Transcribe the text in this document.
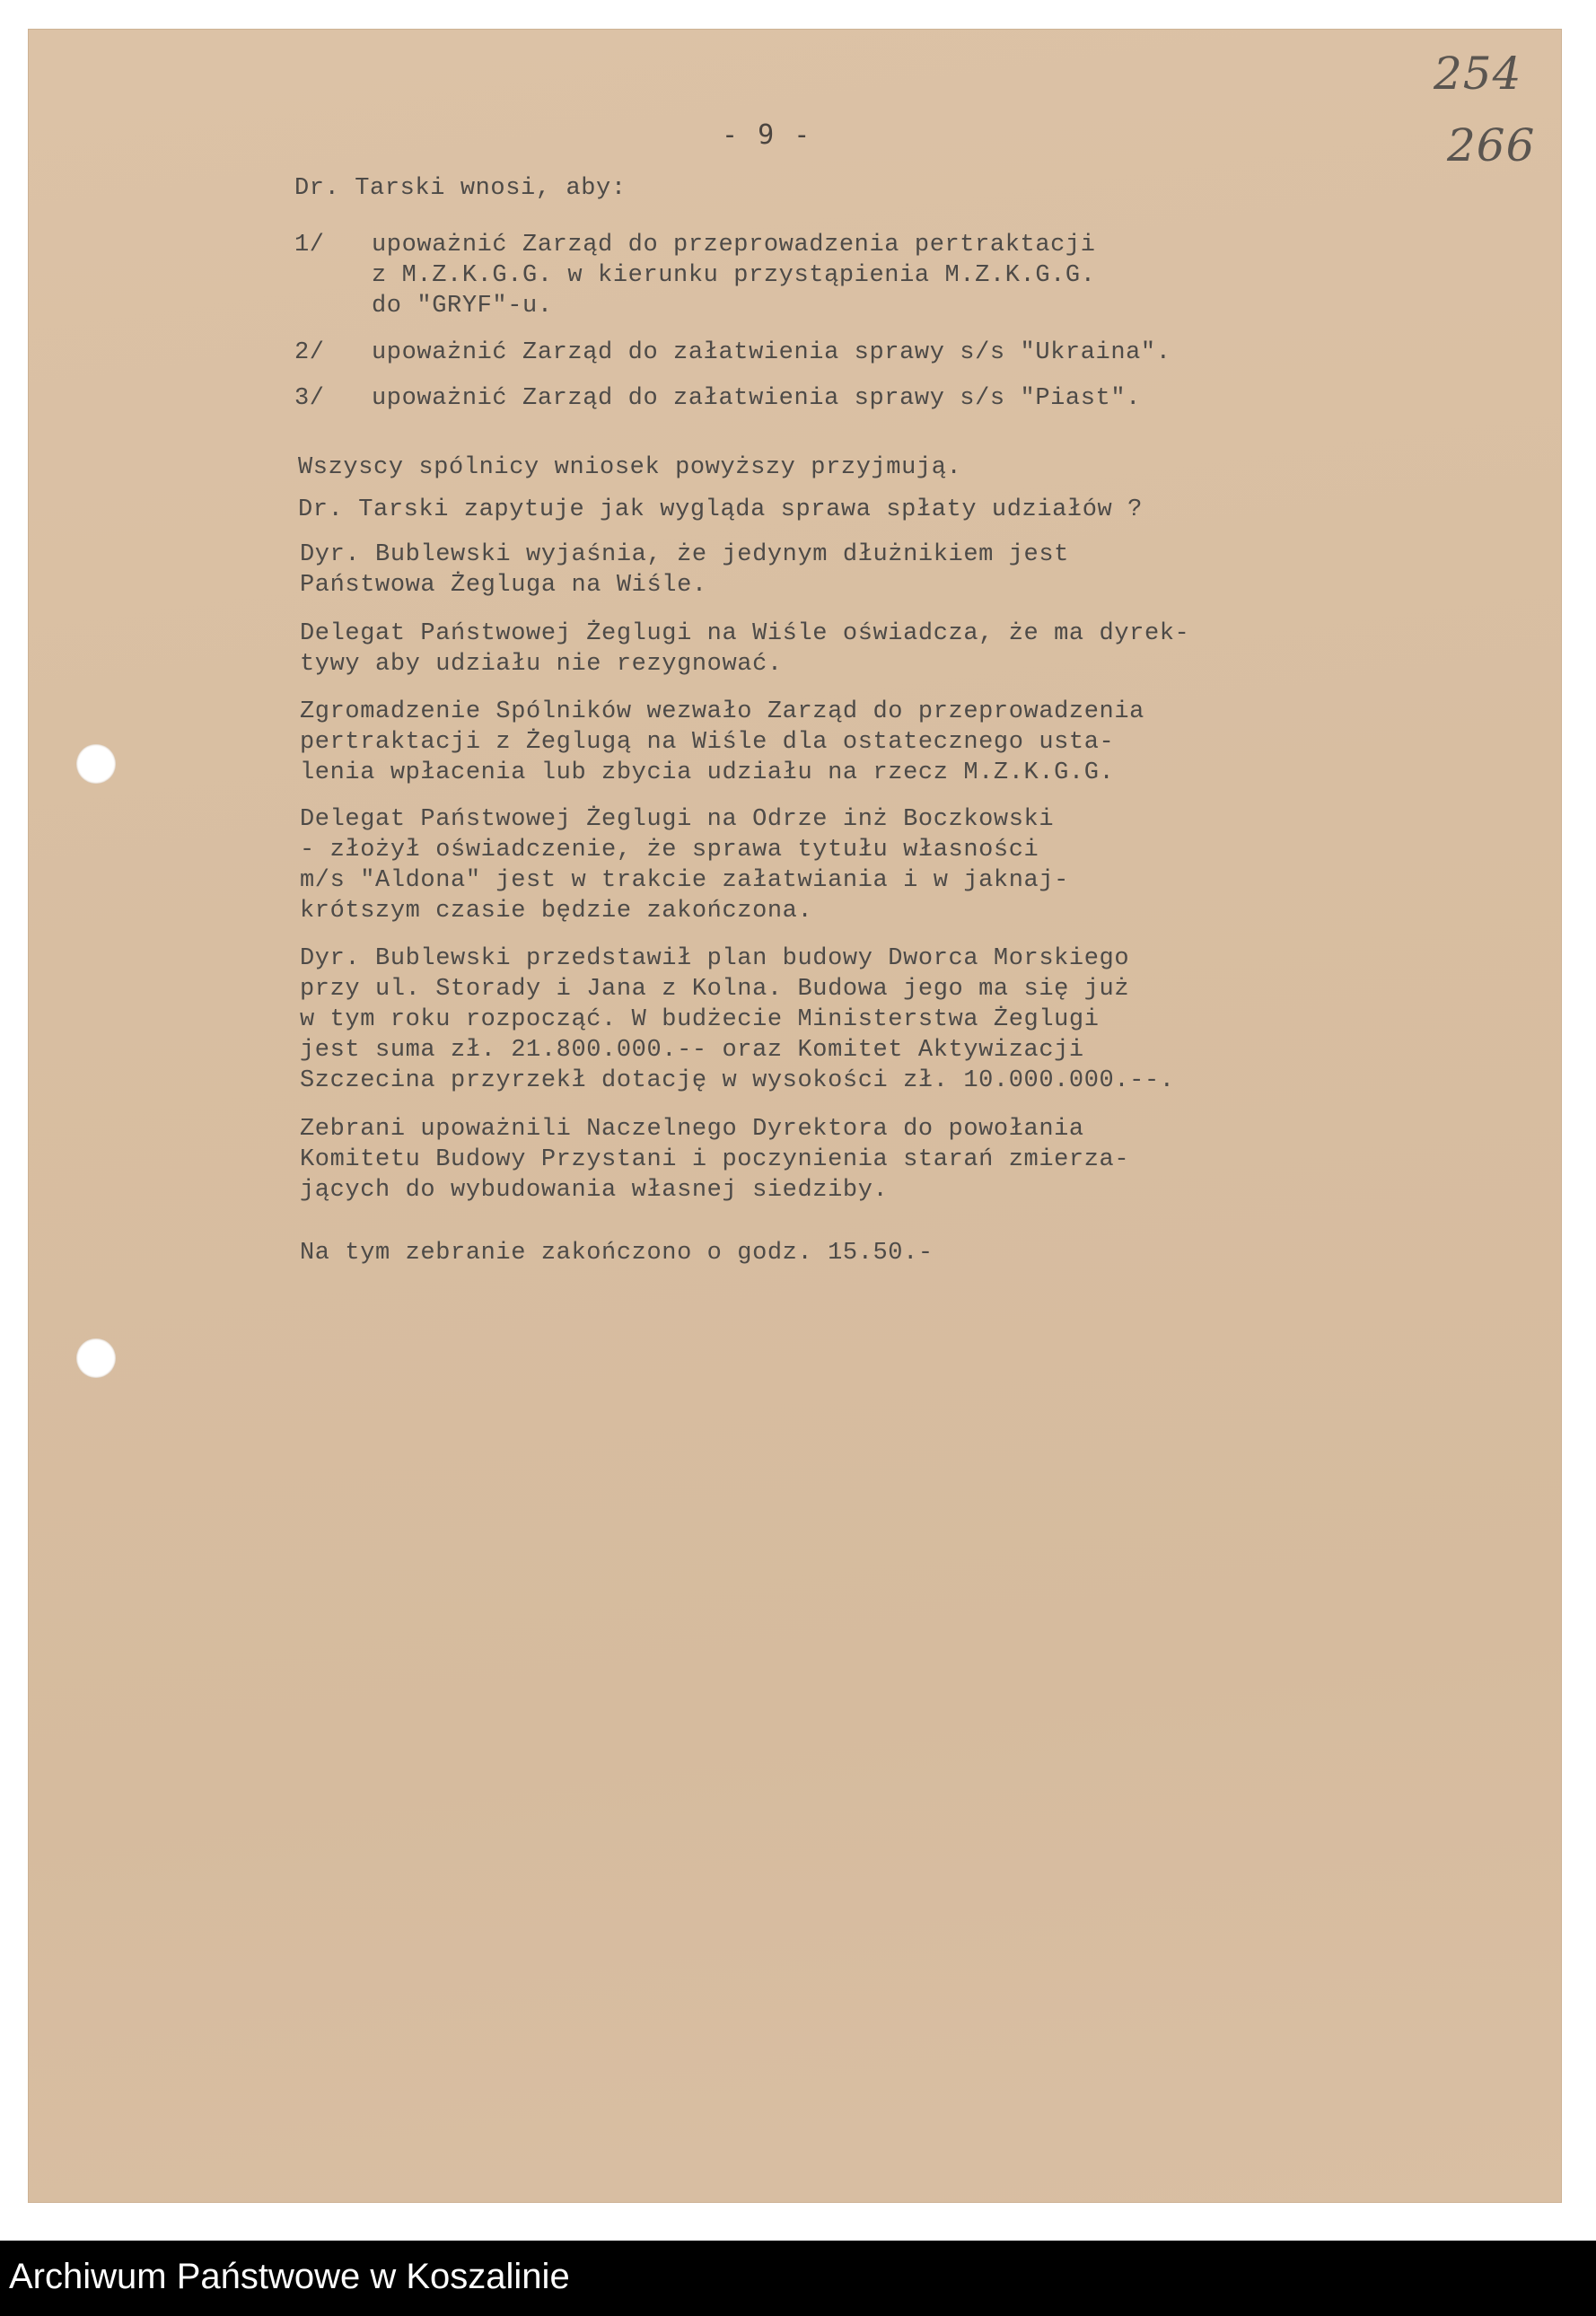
- 9 -
254
266
Dr. Tarski wnosi, aby:
1/ upoważnić Zarząd do przeprowadzenia pertraktacji
z M.Z.K.G.G. w kierunku przystąpienia M.Z.K.G.G.
do "GRYF"-u.
2/ upoważnić Zarząd do załatwienia sprawy s/s "Ukraina".
3/ upoważnić Zarząd do załatwienia sprawy s/s "Piast".
Wszyscy spólnicy wniosek powyższy przyjmują.
Dr. Tarski zapytuje jak wygląda sprawa spłaty udziałów ?
Dyr. Bublewski wyjaśnia, że jedynym dłużnikiem jest
Państwowa Żegluga na Wiśle.
Delegat Państwowej Żeglugi na Wiśle oświadcza, że ma dyrek-
tywy aby udziału nie rezygnować.
Zgromadzenie Spólników wezwało Zarząd do przeprowadzenia
pertraktacji z Żeglugą na Wiśle dla ostatecznego usta-
lenia wpłacenia lub zbycia udziału na rzecz M.Z.K.G.G.
Delegat Państwowej Żeglugi na Odrze inż Boczkowski
- złożył oświadczenie, że sprawa tytułu własności
m/s "Aldona" jest w trakcie załatwiania i w jaknaj-
krótszym czasie będzie zakończona.
Dyr. Bublewski przedstawił plan budowy Dworca Morskiego
przy ul. Storady i Jana z Kolna. Budowa jego ma się już
w tym roku rozpocząć. W budżecie Ministerstwa Żeglugi
jest suma zł. 21.800.000.-- oraz Komitet Aktywizacji
Szczecina przyrzekł dotację w wysokości zł. 10.000.000.--.
Zebrani upoważnili Naczelnego Dyrektora do powołania
Komitetu Budowy Przystani i poczynienia starań zmierza-
jących do wybudowania własnej siedziby.
Na tym zebranie zakończono o godz. 15.50.-
Archiwum Państwowe w Koszalinie
